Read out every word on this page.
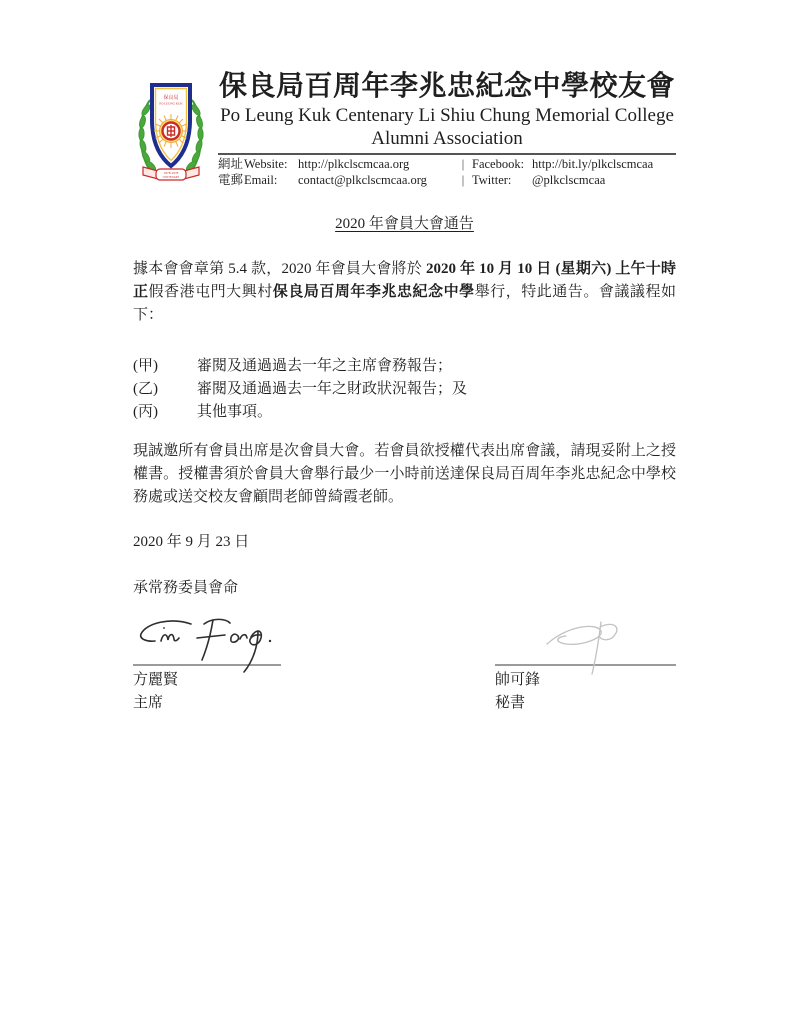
保良局
PO LEUNG KUK
1878-1978
CENTENARY
保良局百周年李兆忠紀念中學校友會
Po Leung Kuk Centenary Li Shiu Chung Memorial College
Alumni Association
網址 Website: http://plkclscmcaa.org	| Facebook: http://bit.ly/plkclscmcaa
電郵 Email:	contact@plkclscmcaa.org	| Twitter:	@plkclscmcaa
2020 年會員大會通告

據本會會章第 5.4 款，2020 年會員大會將於 2020 年 10 月 10 日 (星期六) 上午十時正假香港屯門大興村保良局百周年李兆忠紀念中學舉行，特此通告。會議議程如下：

(甲)	審閱及通過過去一年之主席會務報告；
(乙)	審閱及通過過去一年之財政狀況報告；及
(丙)	其他事項。

現誠邀所有會員出席是次會員大會。若會員欲授權代表出席會議，請現妥附上之授權書。授權書須於會員大會舉行最少一小時前送達保良局百周年李兆忠紀念中學校務處或送交校友會顧問老師曾綺霞老師。

2020 年 9 月 23 日

承常務委員會命

方麗賢
主席
帥可鋒
秘書
